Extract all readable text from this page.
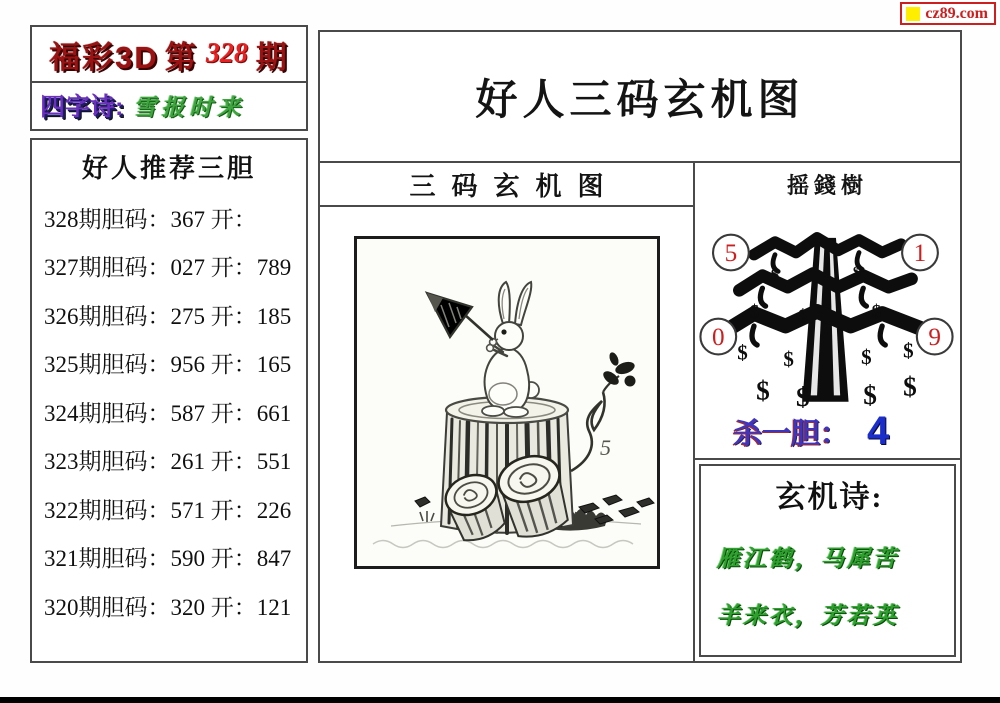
cz89.com
福彩3D 第 328 期
四字诗: 雪报时来
好人推荐三胆
328期胆码：367 开：
327期胆码：027 开：789
326期胆码：275 开：185
325期胆码：956 开：165
324期胆码：587 开：661
323期胆码：261 开：551
322期胆码：571 开：226
321期胆码：590 开：847
320期胆码：320 开：121
好人三码玄机图
三码玄机图
5
摇錢樹
$	$
$ $	$
$ $	$ $
$ $ $ $
5	1
0	9
杀一胆： 4
玄机诗:
雁江鹤，马犀苦
羊来衣，芳若英
